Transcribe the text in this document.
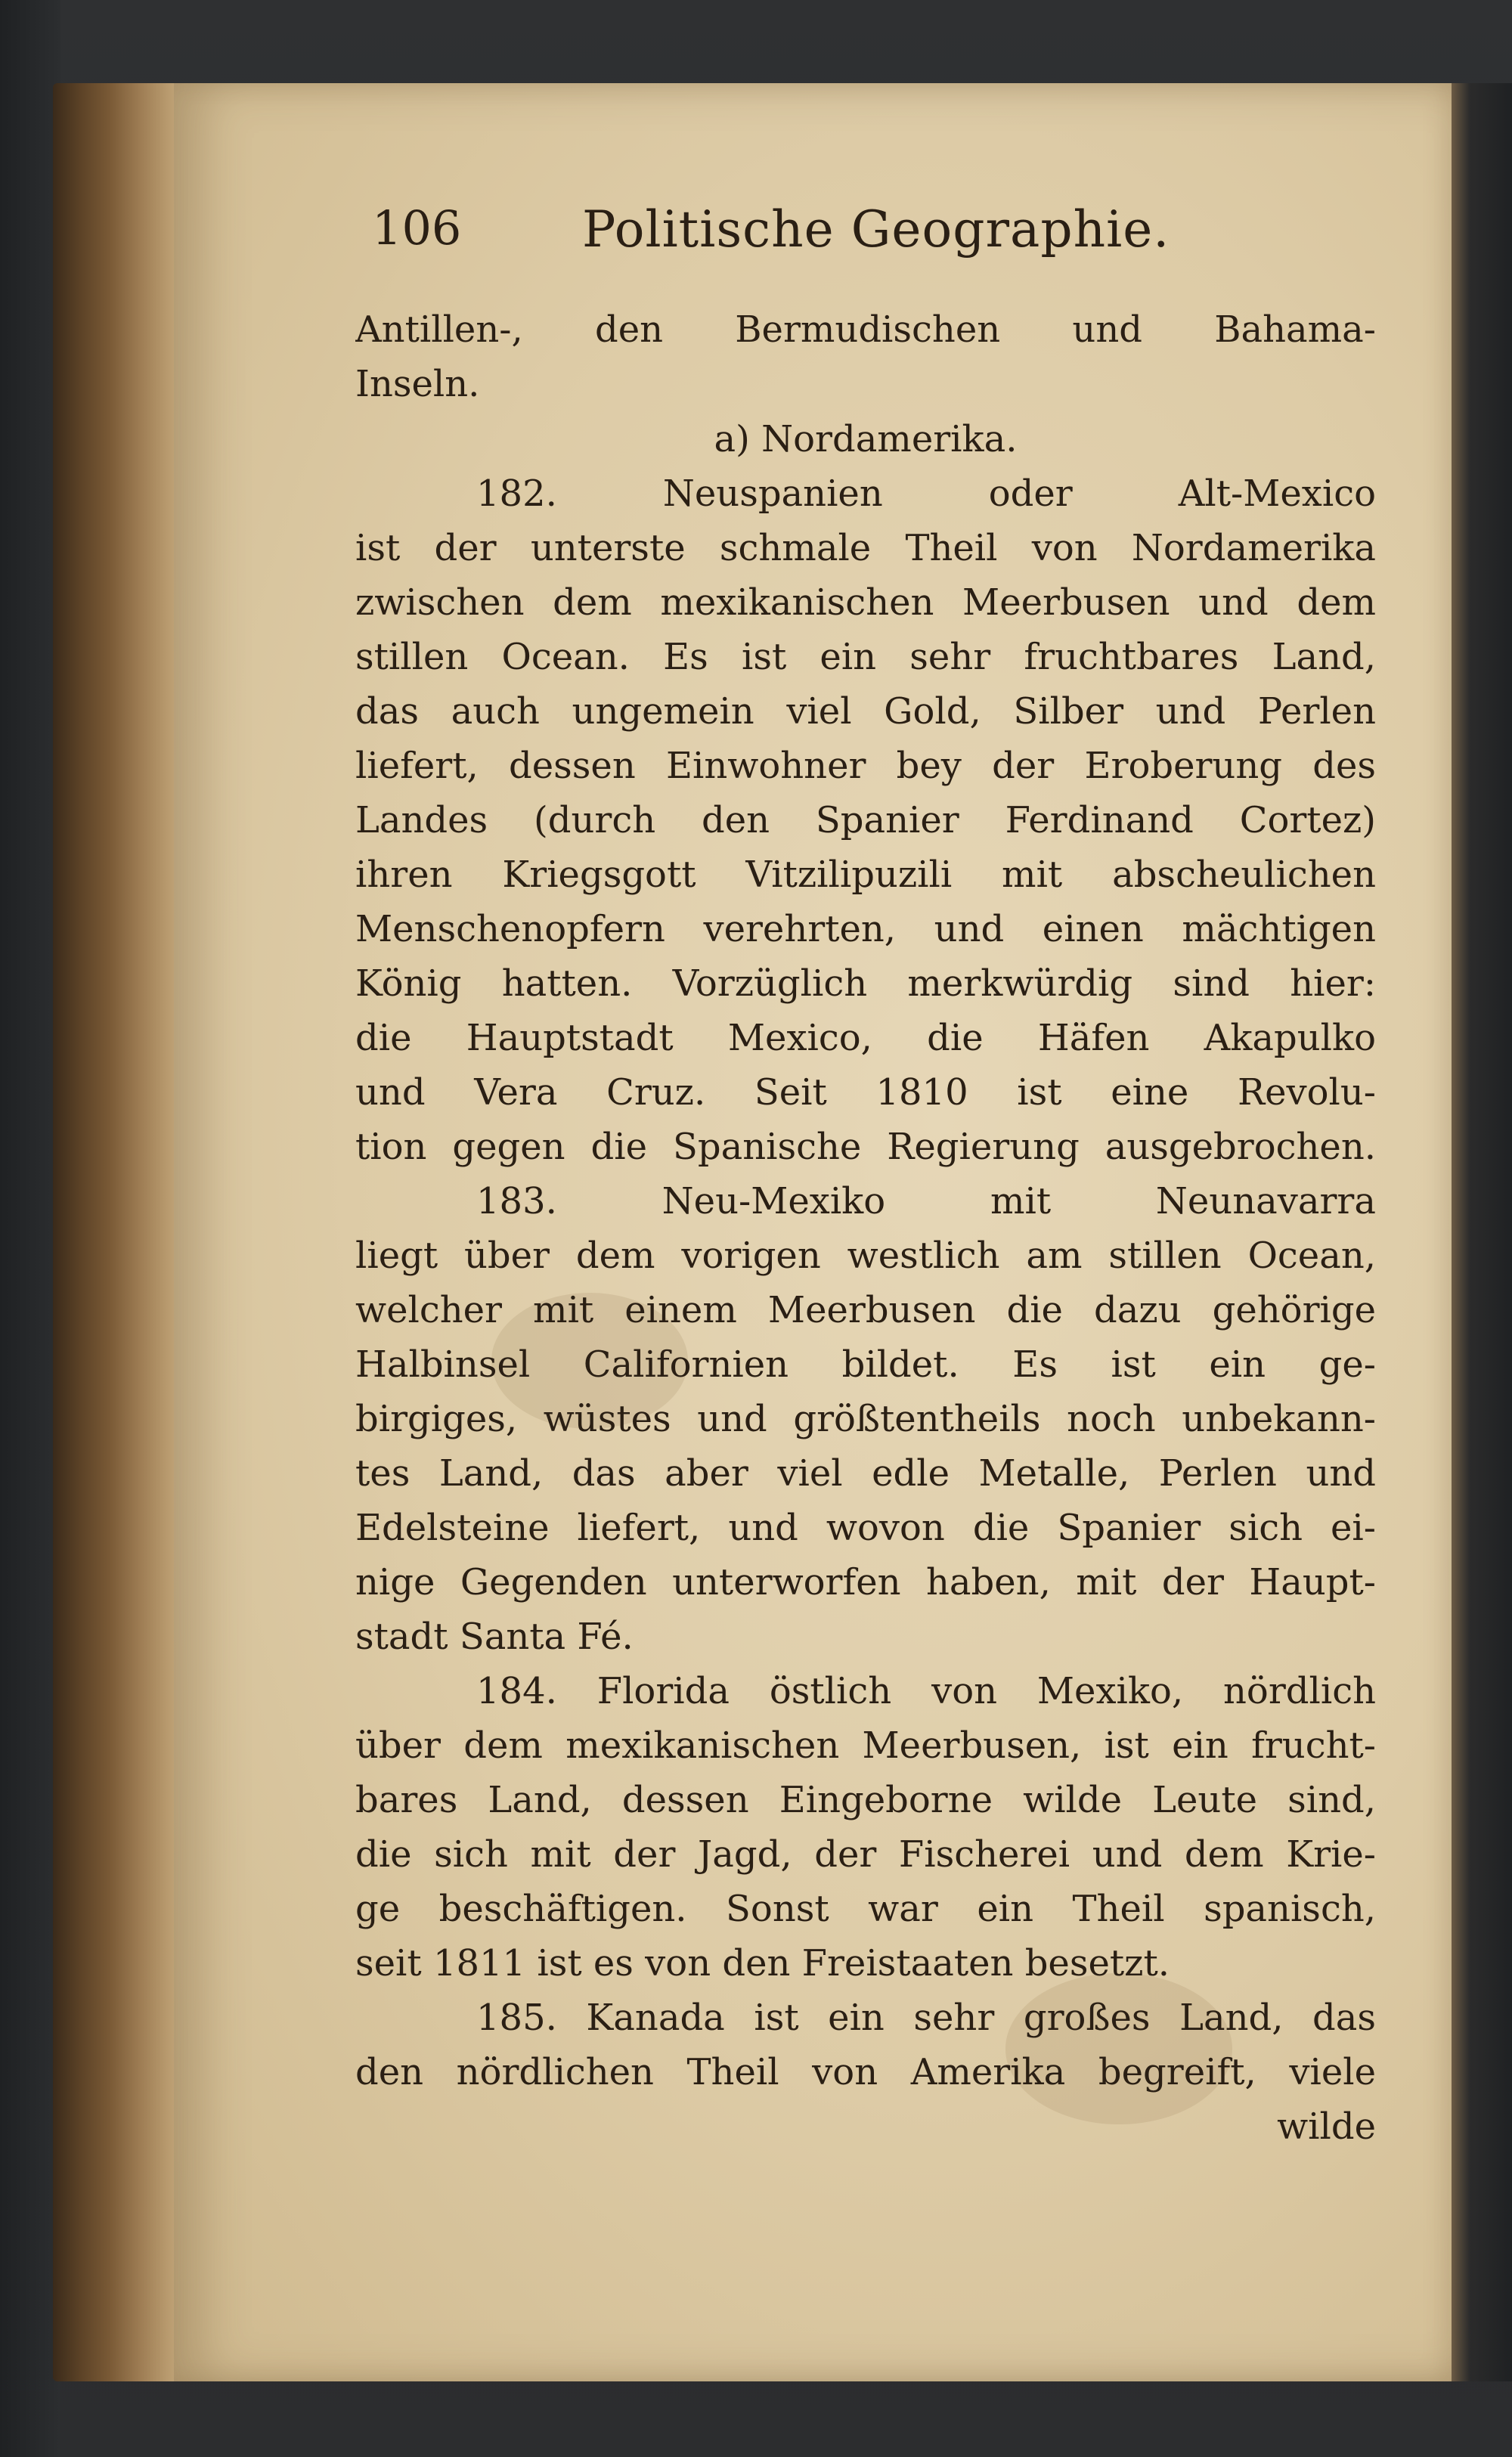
106 Politische Geographie.
Antillen-, den Bermudischen und Bahama-
Inseln.
a) Nordamerika.
182. Neuspanien oder Alt-Mexico
ist der unterste schmale Theil von Nordamerika
zwischen dem mexikanischen Meerbusen und dem
stillen Ocean. Es ist ein sehr fruchtbares Land,
das auch ungemein viel Gold, Silber und Perlen
liefert, dessen Einwohner bey der Eroberung des
Landes (durch den Spanier Ferdinand Cortez)
ihren Kriegsgott Vitzilipuzili mit abscheulichen
Menschenopfern verehrten, und einen mächtigen
König hatten. Vorzüglich merkwürdig sind hier:
die Hauptstadt Mexico, die Häfen Akapulko
und Vera Cruz. Seit 1810 ist eine Revolu-
tion gegen die Spanische Regierung ausgebrochen.
183. Neu-Mexiko mit Neunavarra
liegt über dem vorigen westlich am stillen Ocean,
welcher mit einem Meerbusen die dazu gehörige
Halbinsel Californien bildet. Es ist ein ge-
birgiges, wüstes und größtentheils noch unbekann-
tes Land, das aber viel edle Metalle, Perlen und
Edelsteine liefert, und wovon die Spanier sich ei-
nige Gegenden unterworfen haben, mit der Haupt-
stadt Santa Fé.
184. Florida östlich von Mexiko, nördlich
über dem mexikanischen Meerbusen, ist ein frucht-
bares Land, dessen Eingeborne wilde Leute sind,
die sich mit der Jagd, der Fischerei und dem Krie-
ge beschäftigen. Sonst war ein Theil spanisch,
seit 1811 ist es von den Freistaaten besetzt.
185. Kanada ist ein sehr großes Land, das
den nördlichen Theil von Amerika begreift, viele
wilde
